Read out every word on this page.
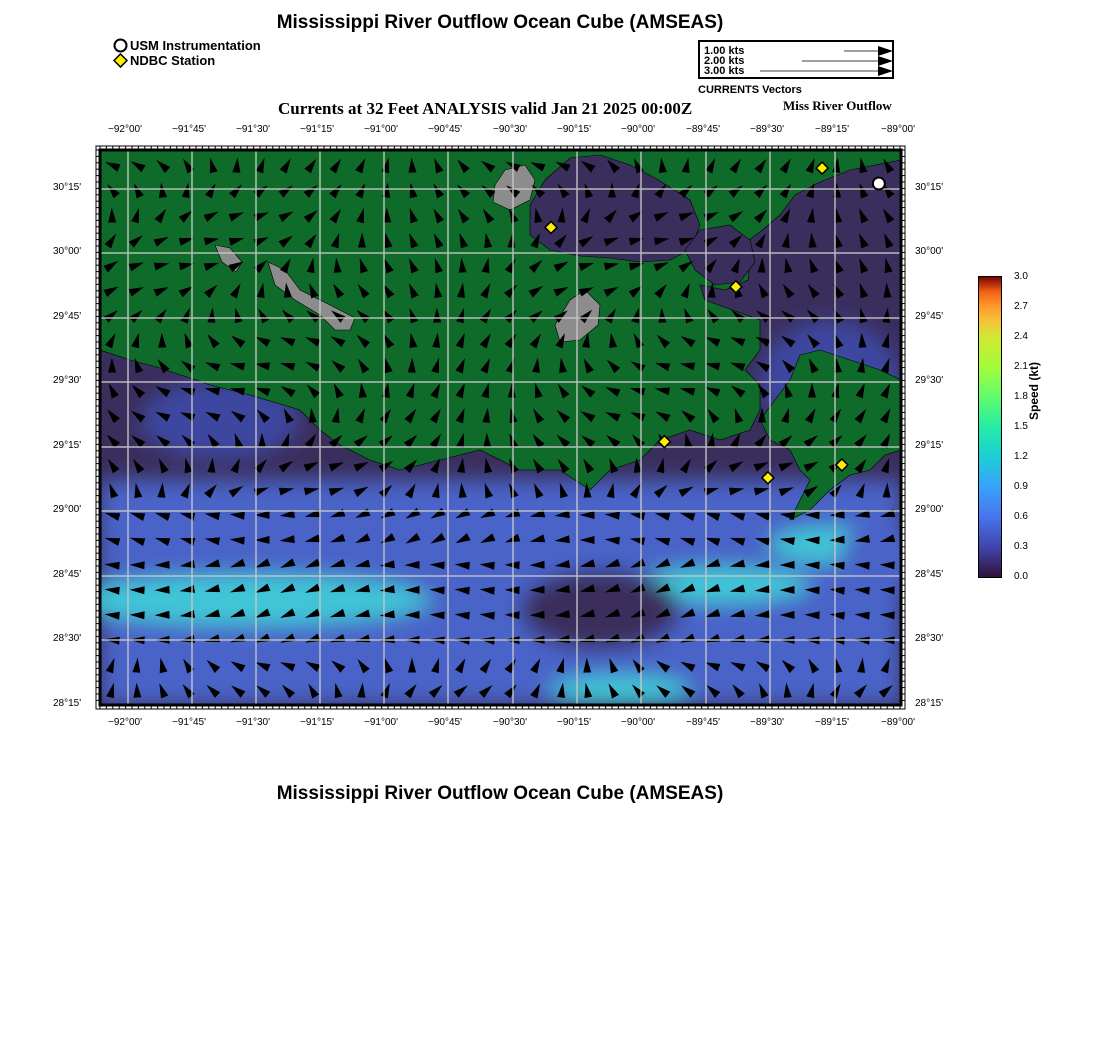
Mississippi River Outflow Ocean Cube (AMSEAS)
USM Instrumentation
NDBC Station
1.00 kts
2.00 kts
3.00 kts
CURRENTS Vectors
Currents at 32 Feet ANALYSIS valid Jan 21 2025 00:00Z	Miss River Outflow
−92°00'	−91°45'	−91°30'	−91°15'	−91°00'	−90°45'	−90°30'	−90°15'	−90°00'	−89°45'	−89°30'	−89°15'	−89°00'
−92°00'	−91°45'	−91°30'	−91°15'	−91°00'	−90°45'	−90°30'	−90°15'	−90°00'	−89°45'	−89°30'	−89°15'	−89°00'
30°15'
30°00'
29°45'
29°30'
29°15'
29°00'
28°45'
28°30'
28°15'
30°15'
30°00'
29°45'
29°30'
29°15'
29°00'
28°45'
28°30'
28°15'
3.0
2.7
2.4
2.1
1.8
1.5
1.2
0.9
0.6
0.3
0.0
Speed (kt)
Mississippi River Outflow Ocean Cube (AMSEAS)
